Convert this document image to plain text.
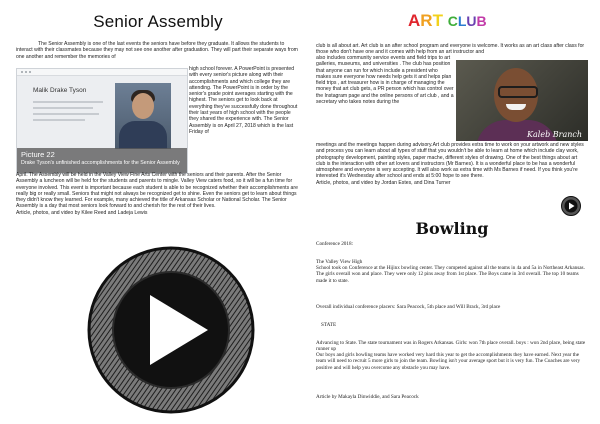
Senior Assembly
The Senior Assembly is one of the last events the seniors have before they graduate. It allows the students to interact with their classmates because they may not see one another after graduation. They will part their separate ways from one another and remember the memories of
Malik Drake Tyson
Picture 22
Drake Tyson's unfinished accomplishments for the Senior Assembly
high school forever. A PowerPoint is presented with every senior's picture along with their accomplishments and which college they are attending. The PowerPoint is in order by the senior's grade point averages starting with the highest. The seniors get to look back at everything they've successfully done throughout their last years of high school with the people they shared the experience with. The Senior Assembly is on April 27, 2018 which is the last Friday of
April. The Assembly will be held in the Valley View Fine Arts Center with the seniors and their parents. After the Senior Assembly a luncheon will be held for the students and parents to mingle. Valley View caters food, so it will be a fun time for everyone involved. This event is important because each student is able to be recognized whether their accomplishments are really big or really small. Seniors that might not always be recognized get to shine. Even the seniors get to learn about things they didn't know they learned. For example, many achieved the title of Arkansas Scholar or National Scholar. The Senior Assembly is a day that most seniors look forward to and cherish for the rest of their lives.
Article, photos, and video by Kilee Reed and Ladeja Lewis
ART CLUB
club is all about art. Art club is an after school program and everyone is welcome. It works as an art class after class for those who don't have one and it comes with help from an art instructor and
also includes community service events and field trips to art galleries, museums, and universities . The club has position that anyone can run for which include a president who makes sure everyone how needs help gets it and helps plan field trips , art treasurer how is in charge of managing the money that art club gets, a PR person which has control over the Instagram page and the online persons of art club , and a secretary who takes notes during the
Kaleb Branch
meetings and the meetings happen during advisory.Art club provides extra time to work on your artwork and new styles and process you can learn about all types of stuff that you wouldn't be able to learn at home which include clay work, photography development, painting styles, paper mache, different styles of drawing. One of the best things about art club is the interaction with other art lovers and instructors (Mr Barnes). It is a wonderful place to be has a wonderful atmosphere and everyone is very accepting. It will also work as extra time with Ms Barnes if need. If you think you're interested it's Wednesday after school and ends at 5:00 hope to see there.
Article, photos, and video by Jordan Estes, and Dina Turner
Bowling
Conference 2018:
The Valley View High
School took on Conference at the Hijinx bowling center. They competed against all the teams in 4a and 5a in Northeast Arkansas. The girls overall won and place. They were only 12 pins away from 1st place. The Boys came in 3rd overall. The top 10 teams made it to state.
Overall individual conference placers: Sara Peacock, 5th place and Will Brack, 3rd place
STATE
Advancing to State. The state tournament was in Rogers Arkansas. Girls: won 7th place overall. boys : won 2nd place, being state runner up
Our boys and girls bowling teams have worked very hard this year to get the accomplishments they have earned. Next year the team will need to recruit 5 more girls to join the team. Bowling isn't your average sport but it is very fun. The Coaches are very positive and will help you overcome any obstacle you may have.
Article by Makayla Dinwiddie, and Sara Peacock
